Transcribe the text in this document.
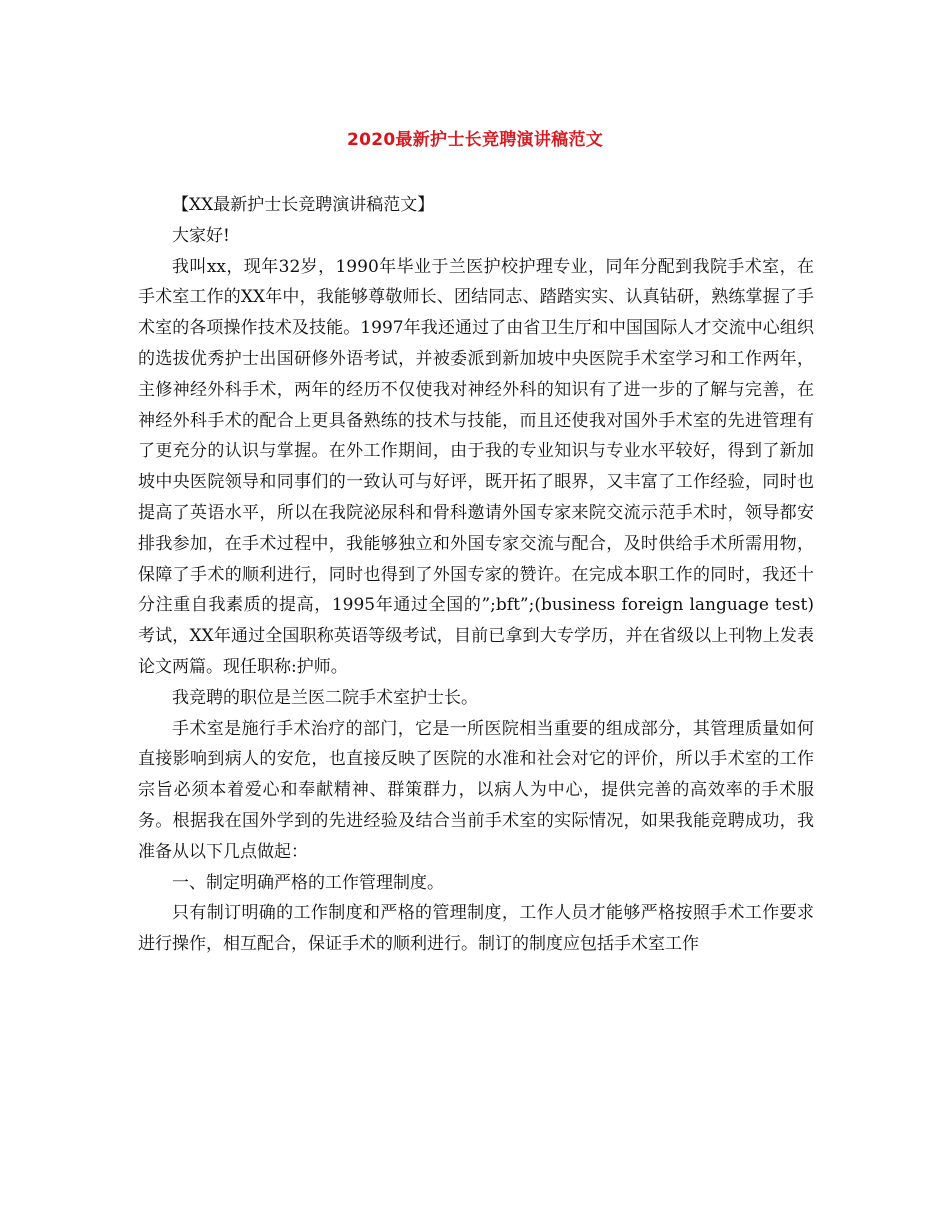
2020最新护士长竞聘演讲稿范文

【XX最新护士长竞聘演讲稿范文】

大家好!

我叫xx，现年32岁，1990年毕业于兰医护校护理专业，同年分配到我院手术室，在手术室工作的XX年中，我能够尊敬师长、团结同志、踏踏实实、认真钻研，熟练掌握了手术室的各项操作技术及技能。1997年我还通过了由省卫生厅和中国国际人才交流中心组织的选拔优秀护士出国研修外语考试，并被委派到新加坡中央医院手术室学习和工作两年，主修神经外科手术，两年的经历不仅使我对神经外科的知识有了进一步的了解与完善，在神经外科手术的配合上更具备熟练的技术与技能，而且还使我对国外手术室的先进管理有了更充分的认识与掌握。在外工作期间，由于我的专业知识与专业水平较好，得到了新加坡中央医院领导和同事们的一致认可与好评，既开拓了眼界，又丰富了工作经验，同时也提高了英语水平，所以在我院泌尿科和骨科邀请外国专家来院交流示范手术时，领导都安排我参加，在手术过程中，我能够独立和外国专家交流与配合，及时供给手术所需用物，保障了手术的顺利进行，同时也得到了外国专家的赞许。在完成本职工作的同时，我还十分注重自我素质的提高，1995年通过全国的”;bft”;(business foreign language test)考试，XX年通过全国职称英语等级考试，目前已拿到大专学历，并在省级以上刊物上发表论文两篇。现任职称:护师。

我竞聘的职位是兰医二院手术室护士长。

手术室是施行手术治疗的部门，它是一所医院相当重要的组成部分，其管理质量如何直接影响到病人的安危，也直接反映了医院的水准和社会对它的评价，所以手术室的工作宗旨必须本着爱心和奉献精神、群策群力，以病人为中心，提供完善的高效率的手术服务。根据我在国外学到的先进经验及结合当前手术室的实际情况，如果我能竞聘成功，我准备从以下几点做起：

一、制定明确严格的工作管理制度。

只有制订明确的工作制度和严格的管理制度，工作人员才能够严格按照手术工作要求进行操作，相互配合，保证手术的顺利进行。制订的制度应包括手术室工作
